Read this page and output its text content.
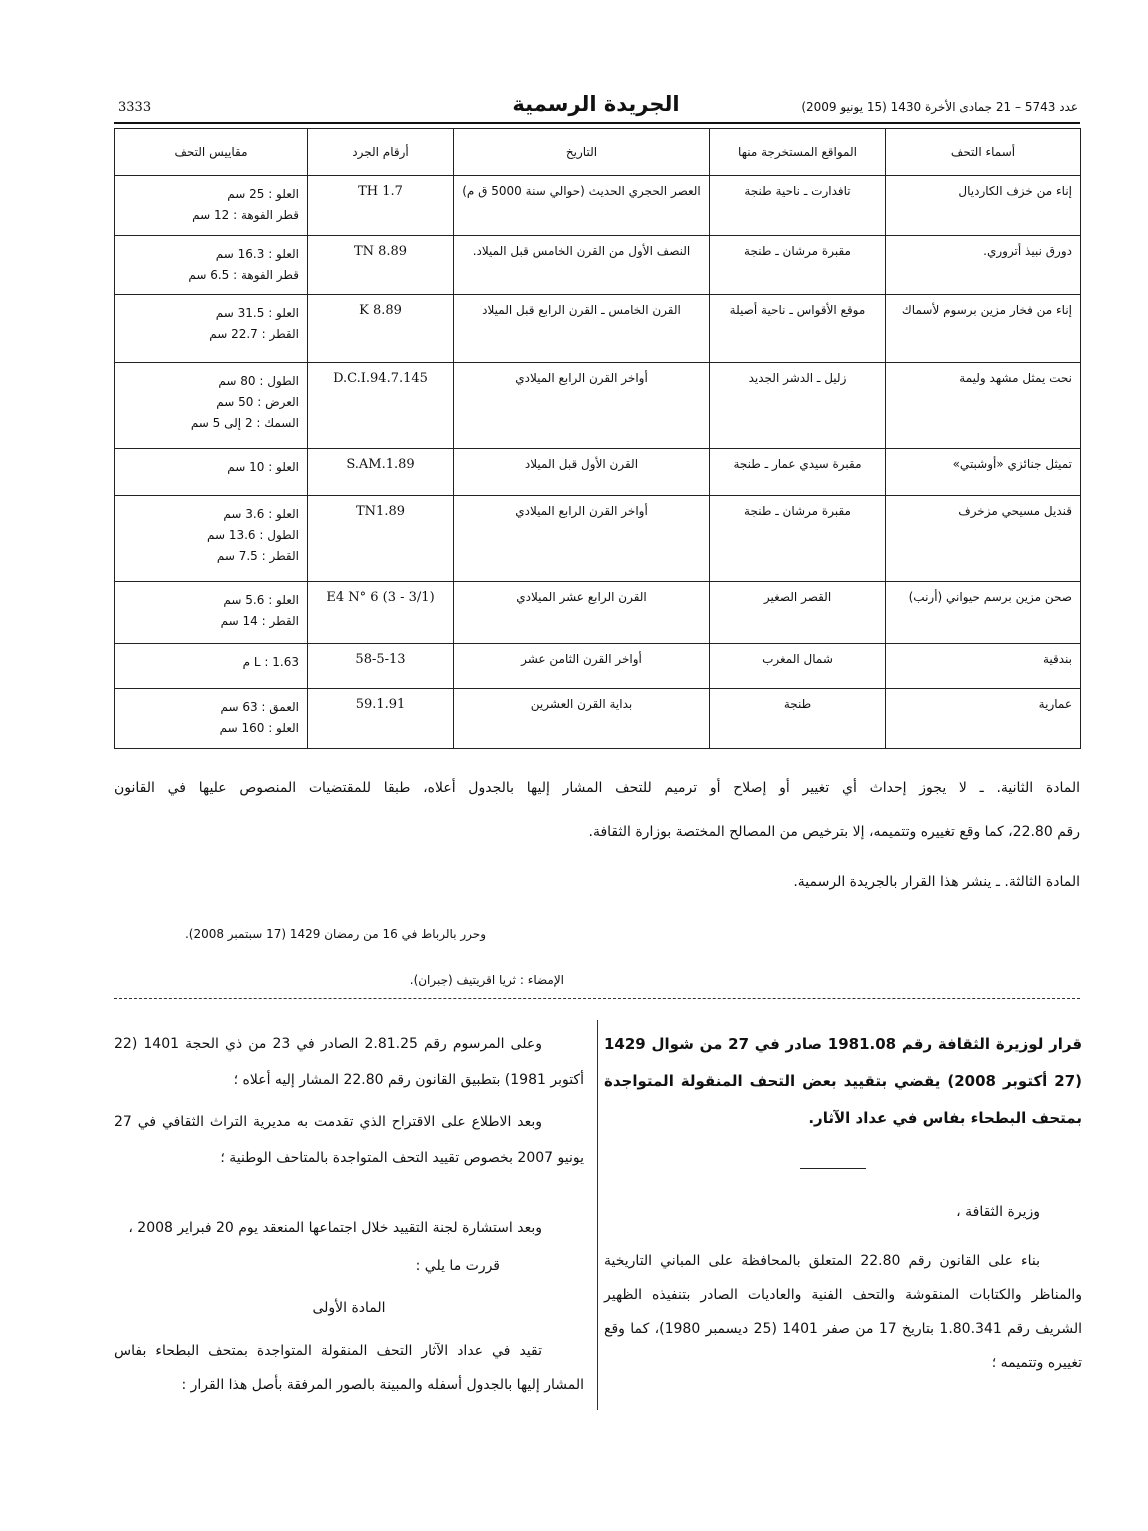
3333	الجريدة الرسمية	عدد 5743 – 21 جمادى الأخرة 1430 (15 يونيو 2009)
أسماء التحف	المواقع المستخرجة منها	التاريخ	أرقام الجرد	مقاييس التحف
إناء من خزف الكارديال	تافدارت ـ ناحية طنجة	العصر الحجري الحديث (حوالي سنة 5000 ق م)	TH 1.7	العلو : 25 سم
قطر الفوهة : 12 سم

دورق نبيذ أتروري.	مقبرة مرشان ـ طنجة	النصف الأول من القرن الخامس قبل الميلاد.	TN 8.89	العلو : 16.3 سم
قطر الفوهة : 6.5 سم

إناء من فخار مزين برسوم لأسماك	موقع الأقواس ـ ناحية أصيلة	القرن الخامس ـ القرن الرابع قبل الميلاد	K 8.89	العلو : 31.5 سم
القطر : 22.7 سم

نحت يمثل مشهد وليمة	زليل ـ الدشر الجديد	أواخر القرن الرابع الميلادي	D.C.I.94.7.145	الطول : 80 سم
العرض : 50 سم
السمك : 2 إلى 5 سم

تميثل جنائزي «أوشبتي»	مقبرة سيدي عمار ـ طنجة	القرن الأول قبل الميلاد	S.AM.1.89	العلو : 10 سم

قنديل مسيحي مزخرف	مقبرة مرشان ـ طنجة	أواخر القرن الرابع الميلادي	TN1.89	العلو : 3.6 سم
الطول : 13.6 سم
القطر : 7.5 سم

صحن مزين برسم حيواني (أرنب)	القصر الصغير	القرن الرابع عشر الميلادي	E4 N° 6 (3 - 3/1)	العلو : 5.6 سم
القطر : 14 سم

بندقية	شمال المغرب	أواخر القرن الثامن عشر	58-5-13	L : 1.63 م

عمارية	طنجة	بداية القرن العشرين	59.1.91	العمق : 63 سم
العلو : 160 سم
المادة الثانية. ـ لا يجوز إحداث أي تغيير أو إصلاح أو ترميم للتحف المشار إليها بالجدول أعلاه، طبقا للمقتضيات المنصوص عليها في القانون
رقم 22.80، كما وقع تغييره وتتميمه، إلا بترخيص من المصالح المختصة بوزارة الثقافة.
المادة الثالثة. ـ ينشر هذا القرار بالجريدة الرسمية.
وحرر بالرباط في 16 من رمضان 1429 (17 سبتمبر 2008).
الإمضاء : ثريا اقريتيف (جبران).
قرار لوزيرة الثقافة رقم 1981.08 صادر في 27 من شوال 1429 (27 أكتوبر 2008) يقضي بتقييد بعض التحف المنقولة المتواجدة بمتحف البطحاء بفاس في عداد الآثار.
وزيرة الثقافة ،
بناء على القانون رقم 22.80 المتعلق بالمحافظة على المباني التاريخية والمناظر والكتابات المنقوشة والتحف الفنية والعاديات الصادر بتنفيذه الظهير الشريف رقم 1.80.341 بتاريخ 17 من صفر 1401 (25 ديسمبر 1980)، كما وقع تغييره وتتميمه ؛
وعلى المرسوم رقم 2.81.25 الصادر في 23 من ذي الحجة 1401 (22 أكتوبر 1981) بتطبيق القانون رقم 22.80 المشار إليه أعلاه ؛
وبعد الاطلاع على الاقتراح الذي تقدمت به مديرية التراث الثقافي في 27 يونيو 2007 بخصوص تقييد التحف المتواجدة بالمتاحف الوطنية ؛
وبعد استشارة لجنة التقييد خلال اجتماعها المنعقد يوم 20 فبراير 2008 ،
قررت ما يلي :
المادة الأولى
تقيد في عداد الآثار التحف المنقولة المتواجدة بمتحف البطحاء بفاس المشار إليها بالجدول أسفله والمبينة بالصور المرفقة بأصل هذا القرار :
